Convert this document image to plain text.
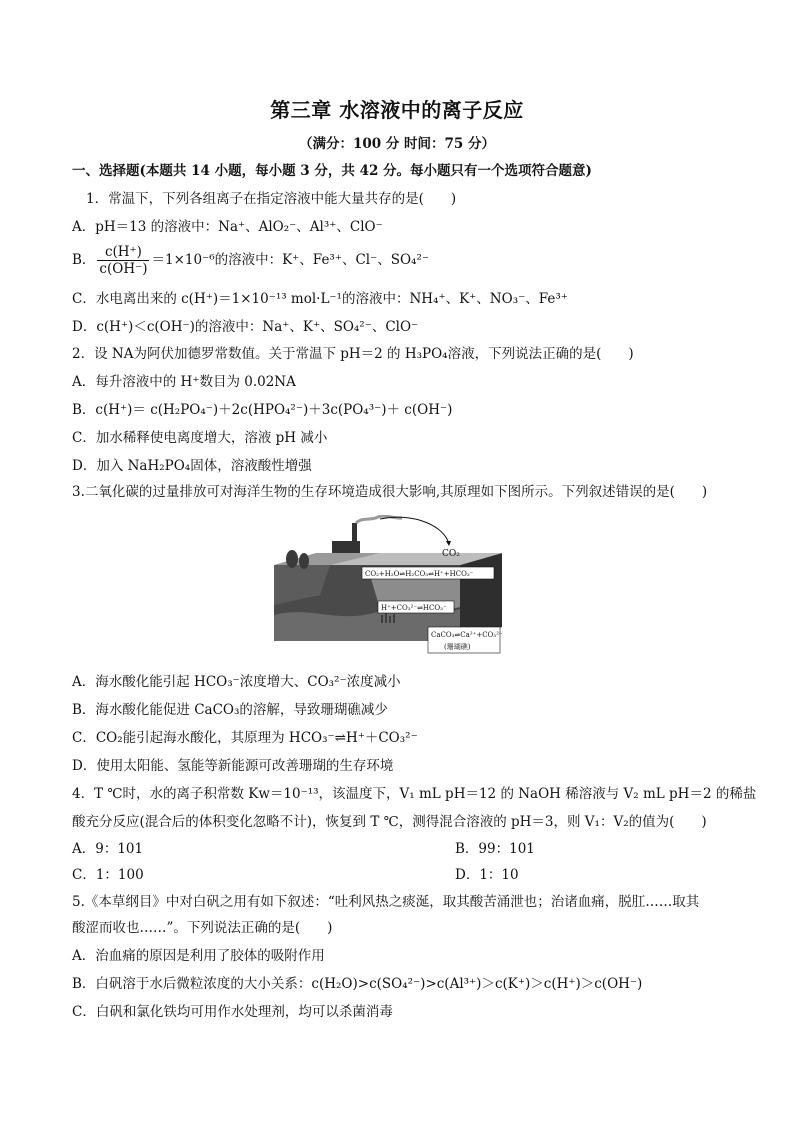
第三章 水溶液中的离子反应
（满分：100 分 时间：75 分）
一、选择题(本题共 14 小题，每小题 3 分，共 42 分。每小题只有一个选项符合题意)
1．常温下，下列各组离子在指定溶液中能大量共存的是(　　)
A．pH＝13 的溶液中：Na⁺、AlO₂⁻、Al³⁺、ClO⁻
B． $\frac{c(H^+)}{c(OH^-)} =1\times 10^{-6}$的溶液中：K⁺、Fe³⁺、Cl⁻、SO₄²⁻
C．水电离出来的 c(H⁺)＝1×10⁻¹³ mol·L⁻¹的溶液中：NH₄⁺、K⁺、NO₃⁻、Fe³⁺
D．c(H⁺)＜c(OH⁻)的溶液中：Na⁺、K⁺、SO₄²⁻、ClO⁻
2．设 NA为阿伏加德罗常数值。关于常温下 pH＝2 的 H₃PO₄溶液，下列说法正确的是(　　)
A．每升溶液中的 H⁺数目为 0.02NA
B．c(H⁺)＝ c(H₂PO₄⁻)＋2c(HPO₄²⁻)＋3c(PO₄³⁻)＋ c(OH⁻)
C．加水稀释使电离度增大，溶液 pH 减小
D．加入 NaH₂PO₄固体，溶液酸性增强
3.二氧化碳的过量排放可对海洋生物的生存环境造成很大影响,其原理如下图所示。下列叙述错误的是(　　)
CO₂
CO₂+H₂O⇌H₂CO₃⇌H⁺+HCO₃⁻
H⁺+CO₃²⁻⇌HCO₃⁻
CaCO₃⇌Ca²⁺+CO₃²⁻
(珊瑚礁)
A．海水酸化能引起 HCO₃⁻浓度增大、CO₃²⁻浓度减小
B．海水酸化能促进 CaCO₃的溶解，导致珊瑚礁减少
C．CO₂能引起海水酸化，其原理为 HCO₃⁻⇌H⁺＋CO₃²⁻
D．使用太阳能、氢能等新能源可改善珊瑚的生存环境
4．T ℃时，水的离子积常数 Kw＝10⁻¹³，该温度下，V₁ mL pH＝12 的 NaOH 稀溶液与 V₂ mL pH＝2 的稀盐
酸充分反应(混合后的体积变化忽略不计)，恢复到 T ℃，测得混合溶液的 pH＝3，则 V₁：V₂的值为(　　)
A．9：101	B．99：101
C．1：100	D．1：10
5.《本草纲目》中对白矾之用有如下叙述：“吐利风热之痰涎，取其酸苦涌泄也；治诸血痛，脱肛……取其
酸涩而收也……”。下列说法正确的是(　　)
A．治血痛的原因是利用了胶体的吸附作用
B．白矾溶于水后微粒浓度的大小关系：c(H₂O)>c(SO₄²⁻)>c(Al³⁺)＞c(K⁺)＞c(H⁺)＞c(OH⁻)
C．白矾和氯化铁均可用作水处理剂，均可以杀菌消毒
